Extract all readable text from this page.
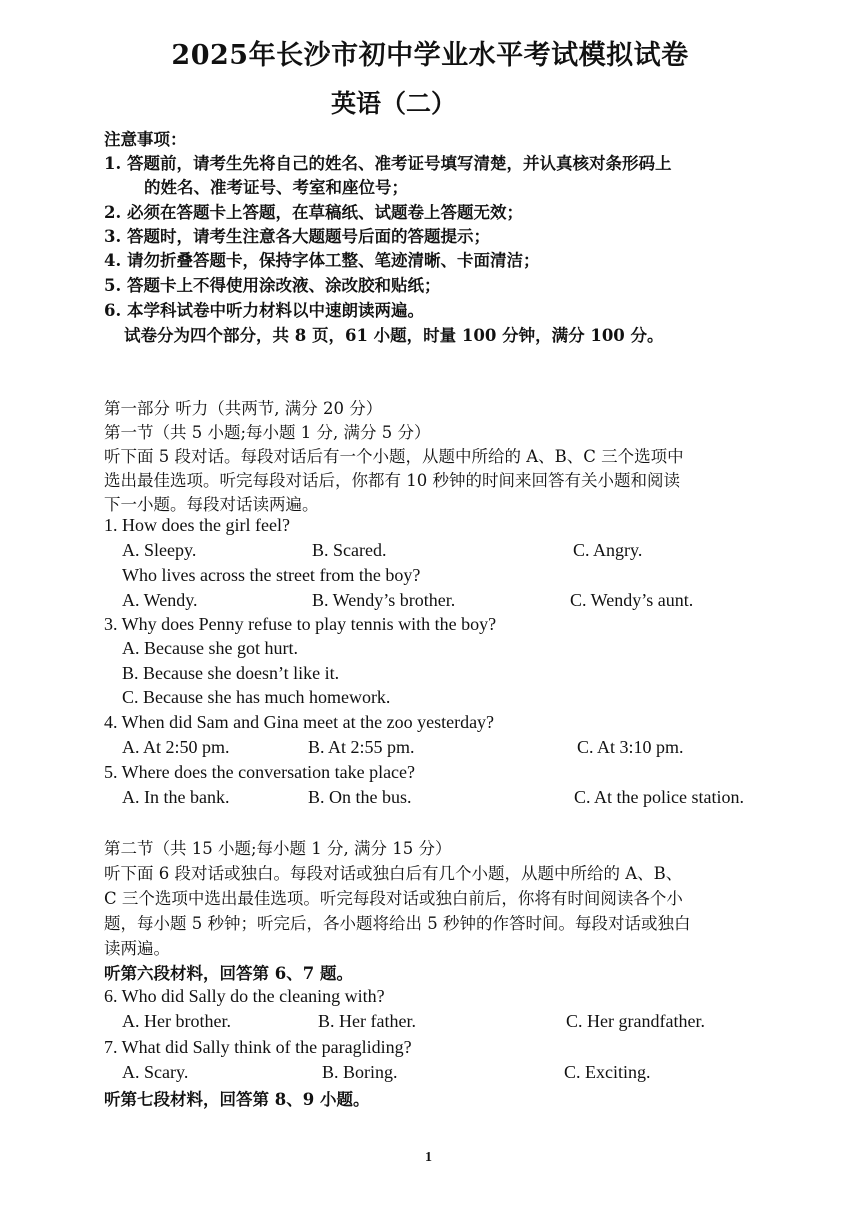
2025年长沙市初中学业水平考试模拟试卷
英语（二）
注意事项：
1. 答题前，请考生先将自己的姓名、准考证号填写清楚，并认真核对条形码上
的姓名、准考证号、考室和座位号；
2. 必须在答题卡上答题，在草稿纸、试题卷上答题无效；
3. 答题时，请考生注意各大题题号后面的答题提示；
4. 请勿折叠答题卡，保持字体工整、笔迹清晰、卡面清洁；
5. 答题卡上不得使用涂改液、涂改胶和贴纸；
6. 本学科试卷中听力材料以中速朗读两遍。
试卷分为四个部分，共 8 页，61 小题，时量 100 分钟，满分 100 分。
第一部分 听力（共两节, 满分 20 分）
第一节（共 5 小题;每小题 1 分, 满分 5 分）
听下面 5 段对话。每段对话后有一个小题，从题中所给的 A、B、C 三个选项中
选出最佳选项。听完每段对话后，你都有 10 秒钟的时间来回答有关小题和阅读
下一小题。每段对话读两遍。
1. How does the girl feel?
A. Sleepy.	B. Scared.	C. Angry.
Who lives across the street from the boy?
A. Wendy.	B. Wendy’s brother.	C. Wendy’s aunt.
3. Why does Penny refuse to play tennis with the boy?
A. Because she got hurt.
B. Because she doesn’t like it.
C. Because she has much homework.
4. When did Sam and Gina meet at the zoo yesterday?
A. At 2:50 pm.	B. At 2:55 pm.	C. At 3:10 pm.
5. Where does the conversation take place?
A. In the bank.	B. On the bus.	C. At the police station.
第二节（共 15 小题;每小题 1 分, 满分 15 分）
听下面 6 段对话或独白。每段对话或独白后有几个小题，从题中所给的 A、B、
C 三个选项中选出最佳选项。听完每段对话或独白前后，你将有时间阅读各个小
题，每小题 5 秒钟；听完后，各小题将给出 5 秒钟的作答时间。每段对话或独白
读两遍。
听第六段材料，回答第 6、7 题。
6. Who did Sally do the cleaning with?
A. Her brother.	B. Her father.	C. Her grandfather.
7. What did Sally think of the paragliding?
A. Scary.	B. Boring.	C. Exciting.
听第七段材料，回答第 8、9 小题。
1
